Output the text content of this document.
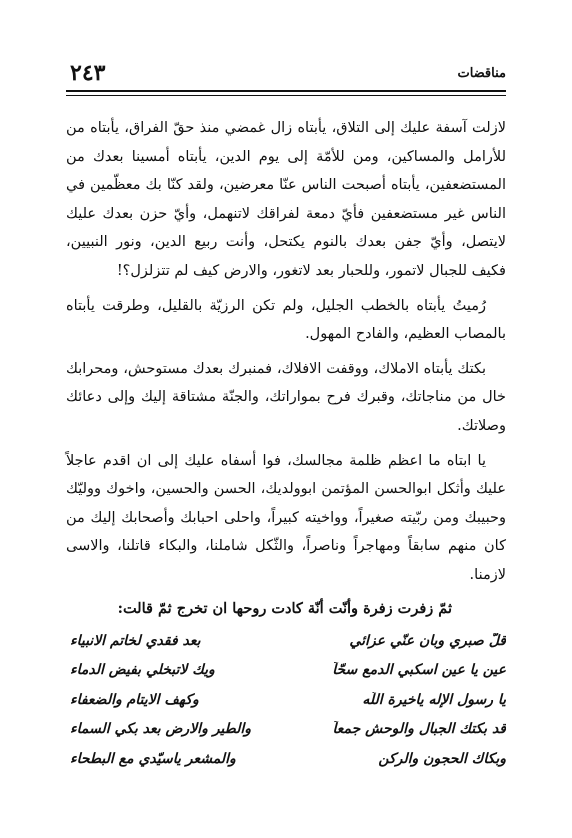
٢٤٣	مناقضات

لازلت آسفة عليك إلى التلاق، يأبتاه زال غمضي منذ حقّ الفراق، يأبتاه من للأرامل والمساكين، ومن للأمّة إلى يوم الدين، يأبتاه أمسينا بعدك من المستضعفين، يأبتاه أصبحت الناس عنّا معرضين، ولقد كنّا بك معظّمين في الناس غير مستضعفين فأيّ دمعة لفراقك لاتنهمل، وأيّ حزن بعدك عليك لايتصل، وأيّ جفن بعدك بالنوم يكتحل، وأنت ربيع الدين، ونور النبيين، فكيف للجبال لاتمور، وللحبار بعد لاتغور، والارض كيف لم تتزلزل؟!

رُميتُ يأبتاه بالخطب الجليل، ولم تكن الرزيّة بالقليل، وطرقت يأبتاه بالمصاب العظيم، والفادح المهول.

بكتك يأبتاه الاملاك، ووقفت الافلاك، فمنبرك بعدك مستوحش، ومحرابك خال من مناجاتك، وقبرك فرح بمواراتك، والجنّة مشتاقة إليك وإلى دعائك وصلاتك.

يا ابتاه ما اعظم ظلمة مجالسك، فوا أسفاه عليك إلى ان اقدم عاجلاً عليك وأثكل ابوالحسن المؤتمن ابوولديك، الحسن والحسين، واخوك ووليّك وحبيبك ومن ربّيته صغيراً، وواخيته كبيراً، واحلى احبابك وأصحابك إليك من كان منهم سابقاً ومهاجراً وناصراً، والثّكل شاملنا، والبكاء قاتلنا، والاسى لازمنا.

ثمّ زفرت زفرة وأنّت أنّة كادت روحها ان تخرج ثمّ قالت:
قلّ صبري وبان عنّي عزائي
بعد فقدي لخاتم الانبياء
عين يا عين اسكبي الدمع سحّاً
ويك لاتبخلي بفيض الدماء
يا رسول الإله ياخيرة اللّه
وكهف الايتام والضعفاء
قد بكتك الجبال والوحش جمعاً
والطير والارض بعد بكي السماء
وبكاك الحجون والركن
والمشعر ياسيّدي مع البطحاء
